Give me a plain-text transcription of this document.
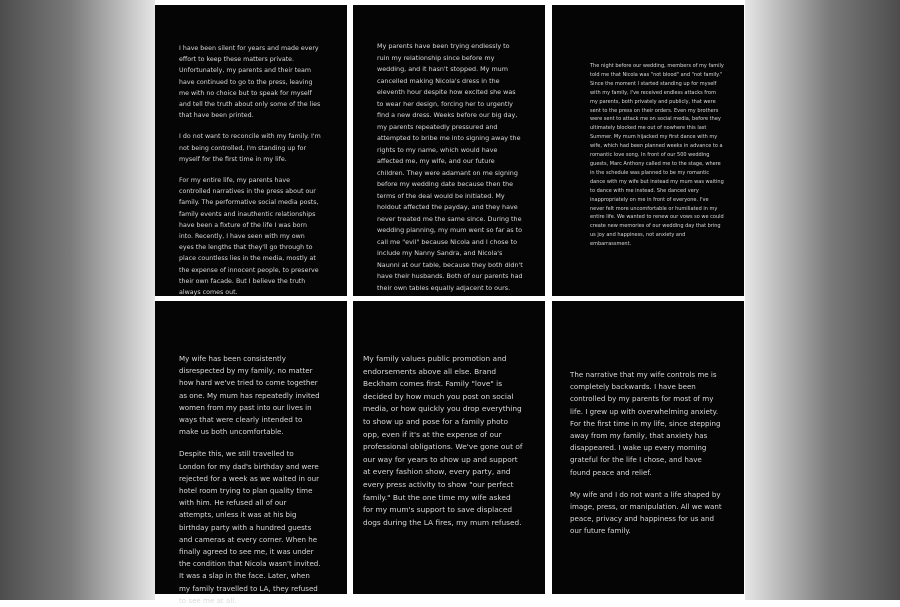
I have been silent for years and made every effort to keep these matters private. Unfortunately, my parents and their team have continued to go to the press, leaving me with no choice but to speak for myself and tell the truth about only some of the lies that have been printed.

I do not want to reconcile with my family. I'm not being controlled, I'm standing up for myself for the first time in my life.

For my entire life, my parents have controlled narratives in the press about our family. The performative social media posts, family events and inauthentic relationships have been a fixture of the life I was born into. Recently, I have seen with my own eyes the lengths that they'll go through to place countless lies in the media, mostly at the expense of innocent people, to preserve their own facade. But I believe the truth always comes out.

My parents have been trying endlessly to ruin my relationship since before my wedding, and it hasn't stopped. My mum cancelled making Nicola's dress in the eleventh hour despite how excited she was to wear her design, forcing her to urgently find a new dress. Weeks before our big day, my parents repeatedly pressured and attempted to bribe me into signing away the rights to my name, which would have affected me, my wife, and our future children. They were adamant on me signing before my wedding date because then the terms of the deal would be initiated. My holdout affected the payday, and they have never treated me the same since. During the wedding planning, my mum went so far as to call me "evil" because Nicola and I chose to include my Nanny Sandra, and Nicola's Naunni at our table, because they both didn't have their husbands. Both of our parents had their own tables equally adjacent to ours.

The night before our wedding, members of my family told me that Nicola was "not blood" and "not family." Since the moment I started standing up for myself with my family, I've received endless attacks from my parents, both privately and publicly, that were sent to the press on their orders. Even my brothers were sent to attack me on social media, before they ultimately blocked me out of nowhere this last Summer. My mum hijacked my first dance with my wife, which had been planned weeks in advance to a romantic love song. In front of our 500 wedding guests, Marc Anthony called me to the stage, where in the schedule was planned to be my romantic dance with my wife but instead my mum was waiting to dance with me instead. She danced very inappropriately on me in front of everyone. I've never felt more uncomfortable or humiliated in my entire life. We wanted to renew our vows so we could create new memories of our wedding day that bring us joy and happiness, not anxiety and embarrassment.

My wife has been consistently disrespected by my family, no matter how hard we've tried to come together as one. My mum has repeatedly invited women from my past into our lives in ways that were clearly intended to make us both uncomfortable.

Despite this, we still travelled to London for my dad's birthday and were rejected for a week as we waited in our hotel room trying to plan quality time with him. He refused all of our attempts, unless it was at his big birthday party with a hundred guests and cameras at every corner. When he finally agreed to see me, it was under the condition that Nicola wasn't invited. It was a slap in the face. Later, when my family travelled to LA, they refused to see me at all.

My family values public promotion and endorsements above all else. Brand Beckham comes first. Family "love" is decided by how much you post on social media, or how quickly you drop everything to show up and pose for a family photo opp, even if it's at the expense of our professional obligations. We've gone out of our way for years to show up and support at every fashion show, every party, and every press activity to show "our perfect family." But the one time my wife asked for my mum's support to save displaced dogs during the LA fires, my mum refused.

The narrative that my wife controls me is completely backwards. I have been controlled by my parents for most of my life. I grew up with overwhelming anxiety. For the first time in my life, since stepping away from my family, that anxiety has disappeared. I wake up every morning grateful for the life I chose, and have found peace and relief.

My wife and I do not want a life shaped by image, press, or manipulation. All we want peace, privacy and happiness for us and our future family.
